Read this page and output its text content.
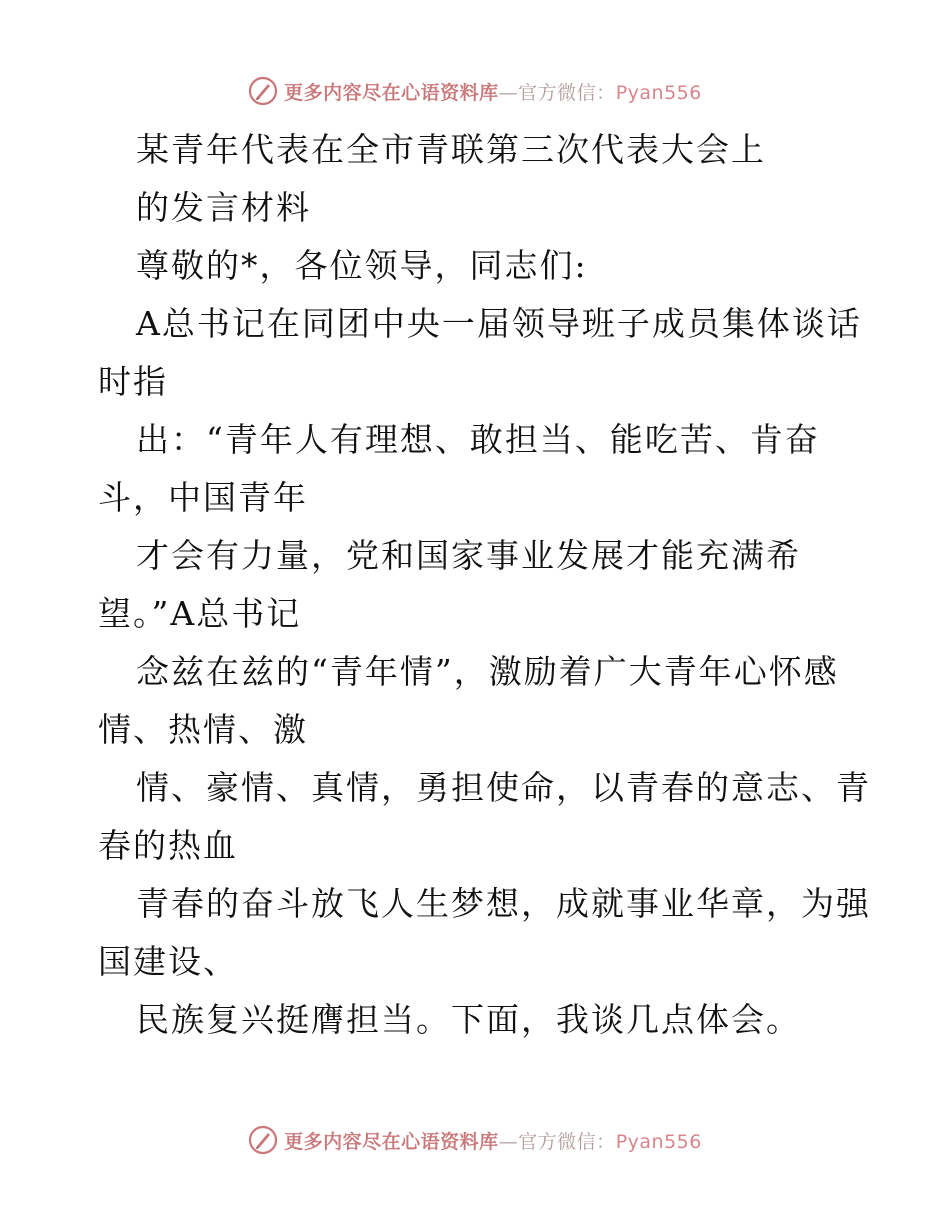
更多内容尽在心语资料库—官方微信：Pyan556
某青年代表在全市青联第三次代表大会上
的发言材料
尊敬的*，各位领导，同志们:
A总书记在同团中央一届领导班子成员集体谈话
时指
出：“青年人有理想、敢担当、能吃苦、肯奋
斗，中国青年
才会有力量，党和国家事业发展才能充满希
望。”A总书记
念兹在兹的“青年情”，激励着广大青年心怀感
情、热情、激
情、豪情、真情，勇担使命，以青春的意志、青
春的热血
青春的奋斗放飞人生梦想，成就事业华章，为强
国建设、
民族复兴挺膺担当。下面，我谈几点体会。
更多内容尽在心语资料库—官方微信：Pyan556
